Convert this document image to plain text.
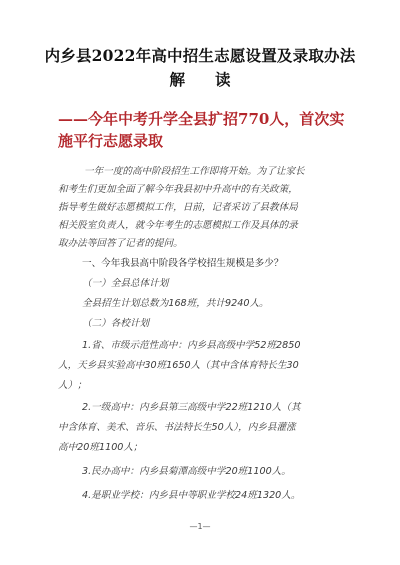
内乡县2022年高中招生志愿设置及录取办法
解读
——今年中考升学全县扩招770人，首次实
施平行志愿录取
一年一度的高中阶段招生工作即将开始。为了让家长
和考生们更加全面了解今年我县初中升高中的有关政策，
指导考生做好志愿模拟工作，日前，记者采访了县教体局
相关股室负责人，就今年考生的志愿模拟工作及具体的录
取办法等回答了记者的提问。
一、今年我县高中阶段各学校招生规模是多少？
（一）全县总体计划
全县招生计划总数为168班，共计9240人。
（二）各校计划
1.省、市级示范性高中：内乡县高级中学52班2850
人，天乡县实验高中30班1650人（其中含体育特长生30
人）；
2.一级高中：内乡县第三高级中学22班1210人（其
中含体育、美术、音乐、书法特长生50人），内乡县灌涨
高中20班1100人；
3.民办高中：内乡县菊潭高级中学20班1100人。
4.是职业学校：内乡县中等职业学校24班1320人。
—1—
